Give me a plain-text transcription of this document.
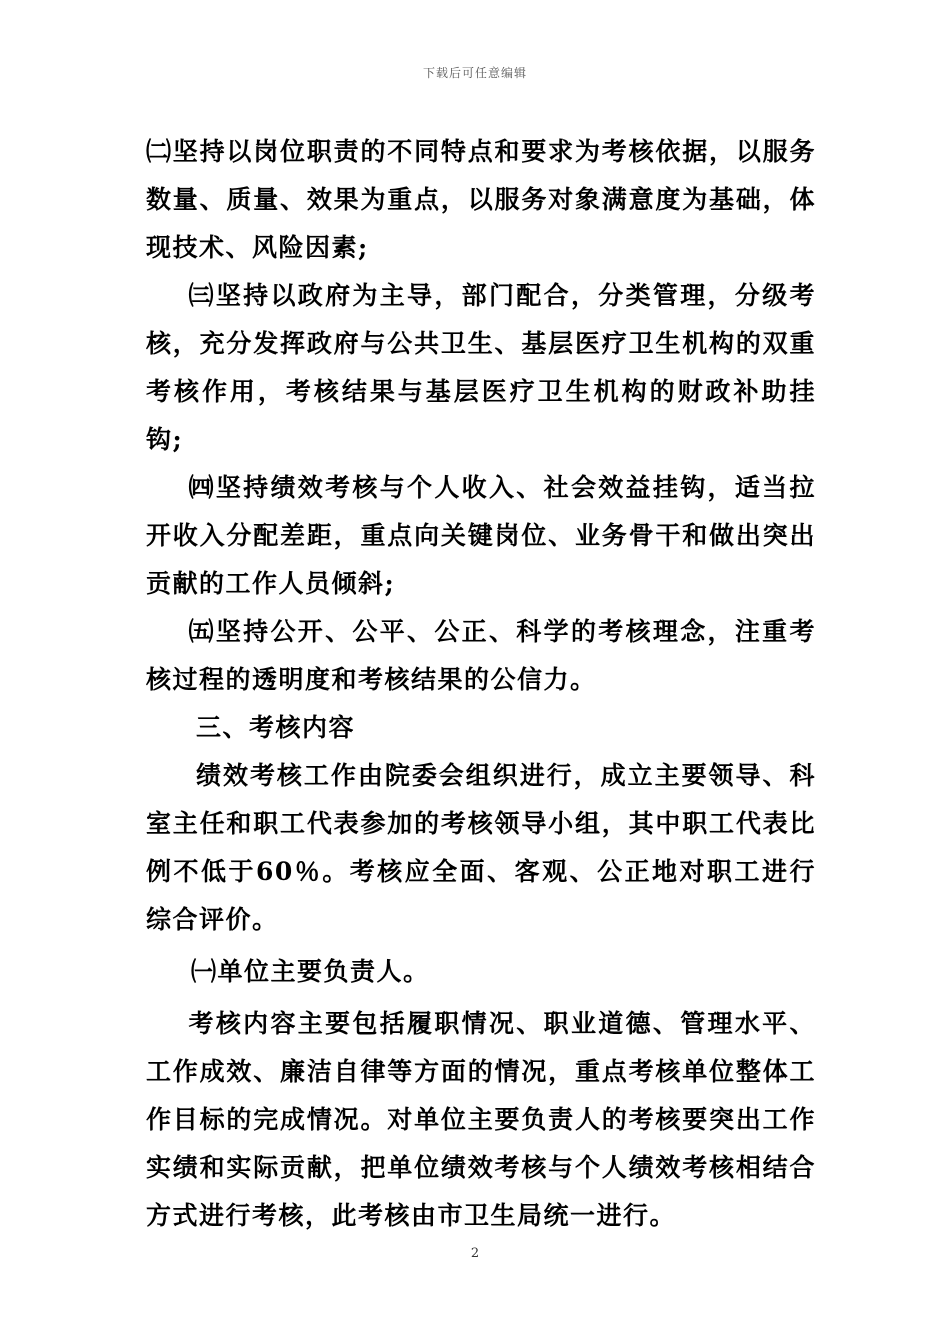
下载后可任意编辑

㈡坚持以岗位职责的不同特点和要求为考核依据，以服务数量、质量、效果为重点，以服务对象满意度为基础，体现技术、风险因素;

㈢坚持以政府为主导，部门配合，分类管理，分级考核，充分发挥政府与公共卫生、基层医疗卫生机构的双重考核作用，考核结果与基层医疗卫生机构的财政补助挂钩;

㈣坚持绩效考核与个人收入、社会效益挂钩，适当拉开收入分配差距，重点向关键岗位、业务骨干和做出突出贡献的工作人员倾斜;

㈤坚持公开、公平、公正、科学的考核理念，注重考核过程的透明度和考核结果的公信力。

三、考核内容

绩效考核工作由院委会组织进行，成立主要领导、科室主任和职工代表参加的考核领导小组，其中职工代表比例不低于60％。考核应全面、客观、公正地对职工进行综合评价。

㈠单位主要负责人。

考核内容主要包括履职情况、职业道德、管理水平、工作成效、廉洁自律等方面的情况，重点考核单位整体工作目标的完成情况。对单位主要负责人的考核要突出工作实绩和实际贡献，把单位绩效考核与个人绩效考核相结合方式进行考核，此考核由市卫生局统一进行。

2
